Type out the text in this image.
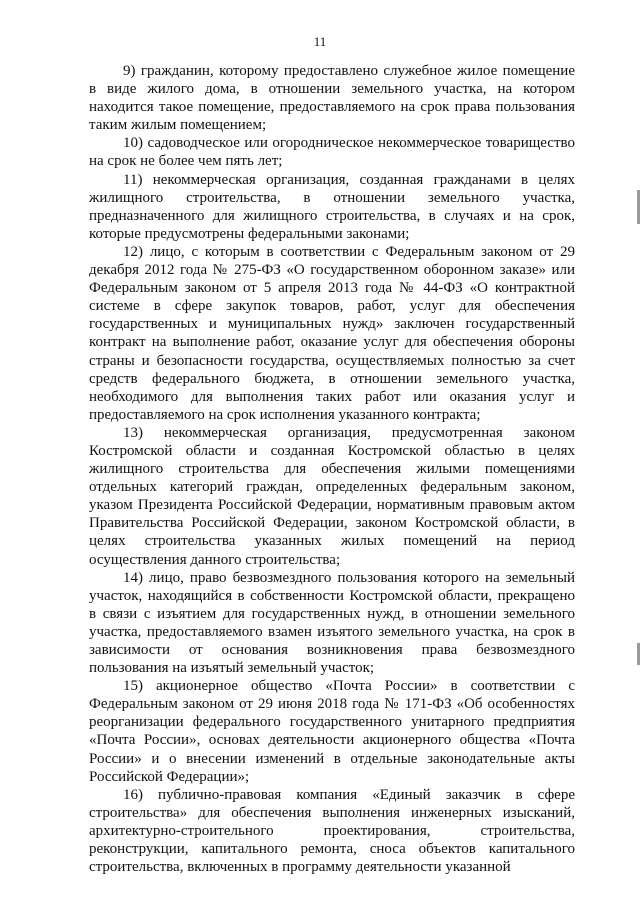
11

9) гражданин, которому предоставлено служебное жилое помещение в виде жилого дома, в отношении земельного участка, на котором находится такое помещение, предоставляемого на срок права пользования таким жилым помещением;

10) садоводческое или огородническое некоммерческое товарищество на срок не более чем пять лет;

11) некоммерческая организация, созданная гражданами в целях жилищного строительства, в отношении земельного участка, предназначенного для жилищного строительства, в случаях и на срок, которые предусмотрены федеральными законами;

12) лицо, с которым в соответствии с Федеральным законом от 29 декабря 2012 года № 275-ФЗ «О государственном оборонном заказе» или Федеральным законом от 5 апреля 2013 года № 44-ФЗ «О контрактной системе в сфере закупок товаров, работ, услуг для обеспечения государственных и муниципальных нужд» заключен государственный контракт на выполнение работ, оказание услуг для обеспечения обороны страны и безопасности государства, осуществляемых полностью за счет средств федерального бюджета, в отношении земельного участка, необходимого для выполнения таких работ или оказания услуг и предоставляемого на срок исполнения указанного контракта;

13) некоммерческая организация, предусмотренная законом Костромской области и созданная Костромской областью в целях жилищного строительства для обеспечения жилыми помещениями отдельных категорий граждан, определенных федеральным законом, указом Президента Российской Федерации, нормативным правовым актом Правительства Российской Федерации, законом Костромской области, в целях строительства указанных жилых помещений на период осуществления данного строительства;

14) лицо, право безвозмездного пользования которого на земельный участок, находящийся в собственности Костромской области, прекращено в связи с изъятием для государственных нужд, в отношении земельного участка, предоставляемого взамен изъятого земельного участка, на срок в зависимости от основания возникновения права безвозмездного пользования на изъятый земельный участок;

15) акционерное общество «Почта России» в соответствии с Федеральным законом от 29 июня 2018 года № 171-ФЗ «Об особенностях реорганизации федерального государственного унитарного предприятия «Почта России», основах деятельности акционерного общества «Почта России» и о внесении изменений в отдельные законодательные акты Российской Федерации»;

16) публично-правовая компания «Единый заказчик в сфере строительства» для обеспечения выполнения инженерных изысканий, архитектурно-строительного проектирования, строительства, реконструкции, капитального ремонта, сноса объектов капитального строительства, включенных в программу деятельности указанной
